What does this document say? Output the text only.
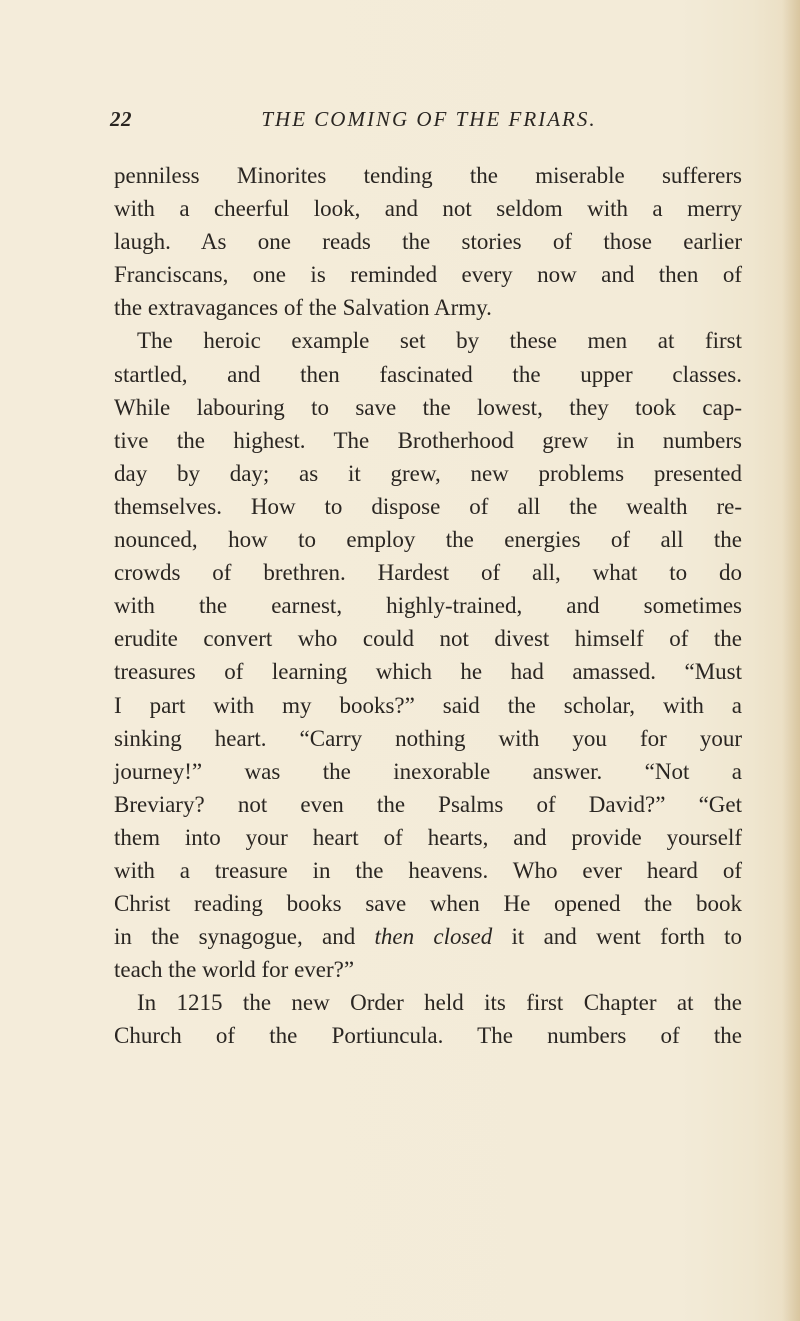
22	THE COMING OF THE FRIARS.
penniless Minorites tending the miserable sufferers
with a cheerful look, and not seldom with a merry
laugh. As one reads the stories of those earlier
Franciscans, one is reminded every now and then of
the extravagances of the Salvation Army.
The heroic example set by these men at first
startled, and then fascinated the upper classes.
While labouring to save the lowest, they took cap-
tive the highest. The Brotherhood grew in numbers
day by day; as it grew, new problems presented
themselves. How to dispose of all the wealth re-
nounced, how to employ the energies of all the
crowds of brethren. Hardest of all, what to do
with the earnest, highly-trained, and sometimes
erudite convert who could not divest himself of the
treasures of learning which he had amassed. “Must
I part with my books?” said the scholar, with a
sinking heart. “Carry nothing with you for your
journey!” was the inexorable answer. “Not a
Breviary? not even the Psalms of David?” “Get
them into your heart of hearts, and provide yourself
with a treasure in the heavens. Who ever heard of
Christ reading books save when He opened the book
in the synagogue, and then closed it and went forth to
teach the world for ever?”
In 1215 the new Order held its first Chapter at the
Church of the Portiuncula. The numbers of the
